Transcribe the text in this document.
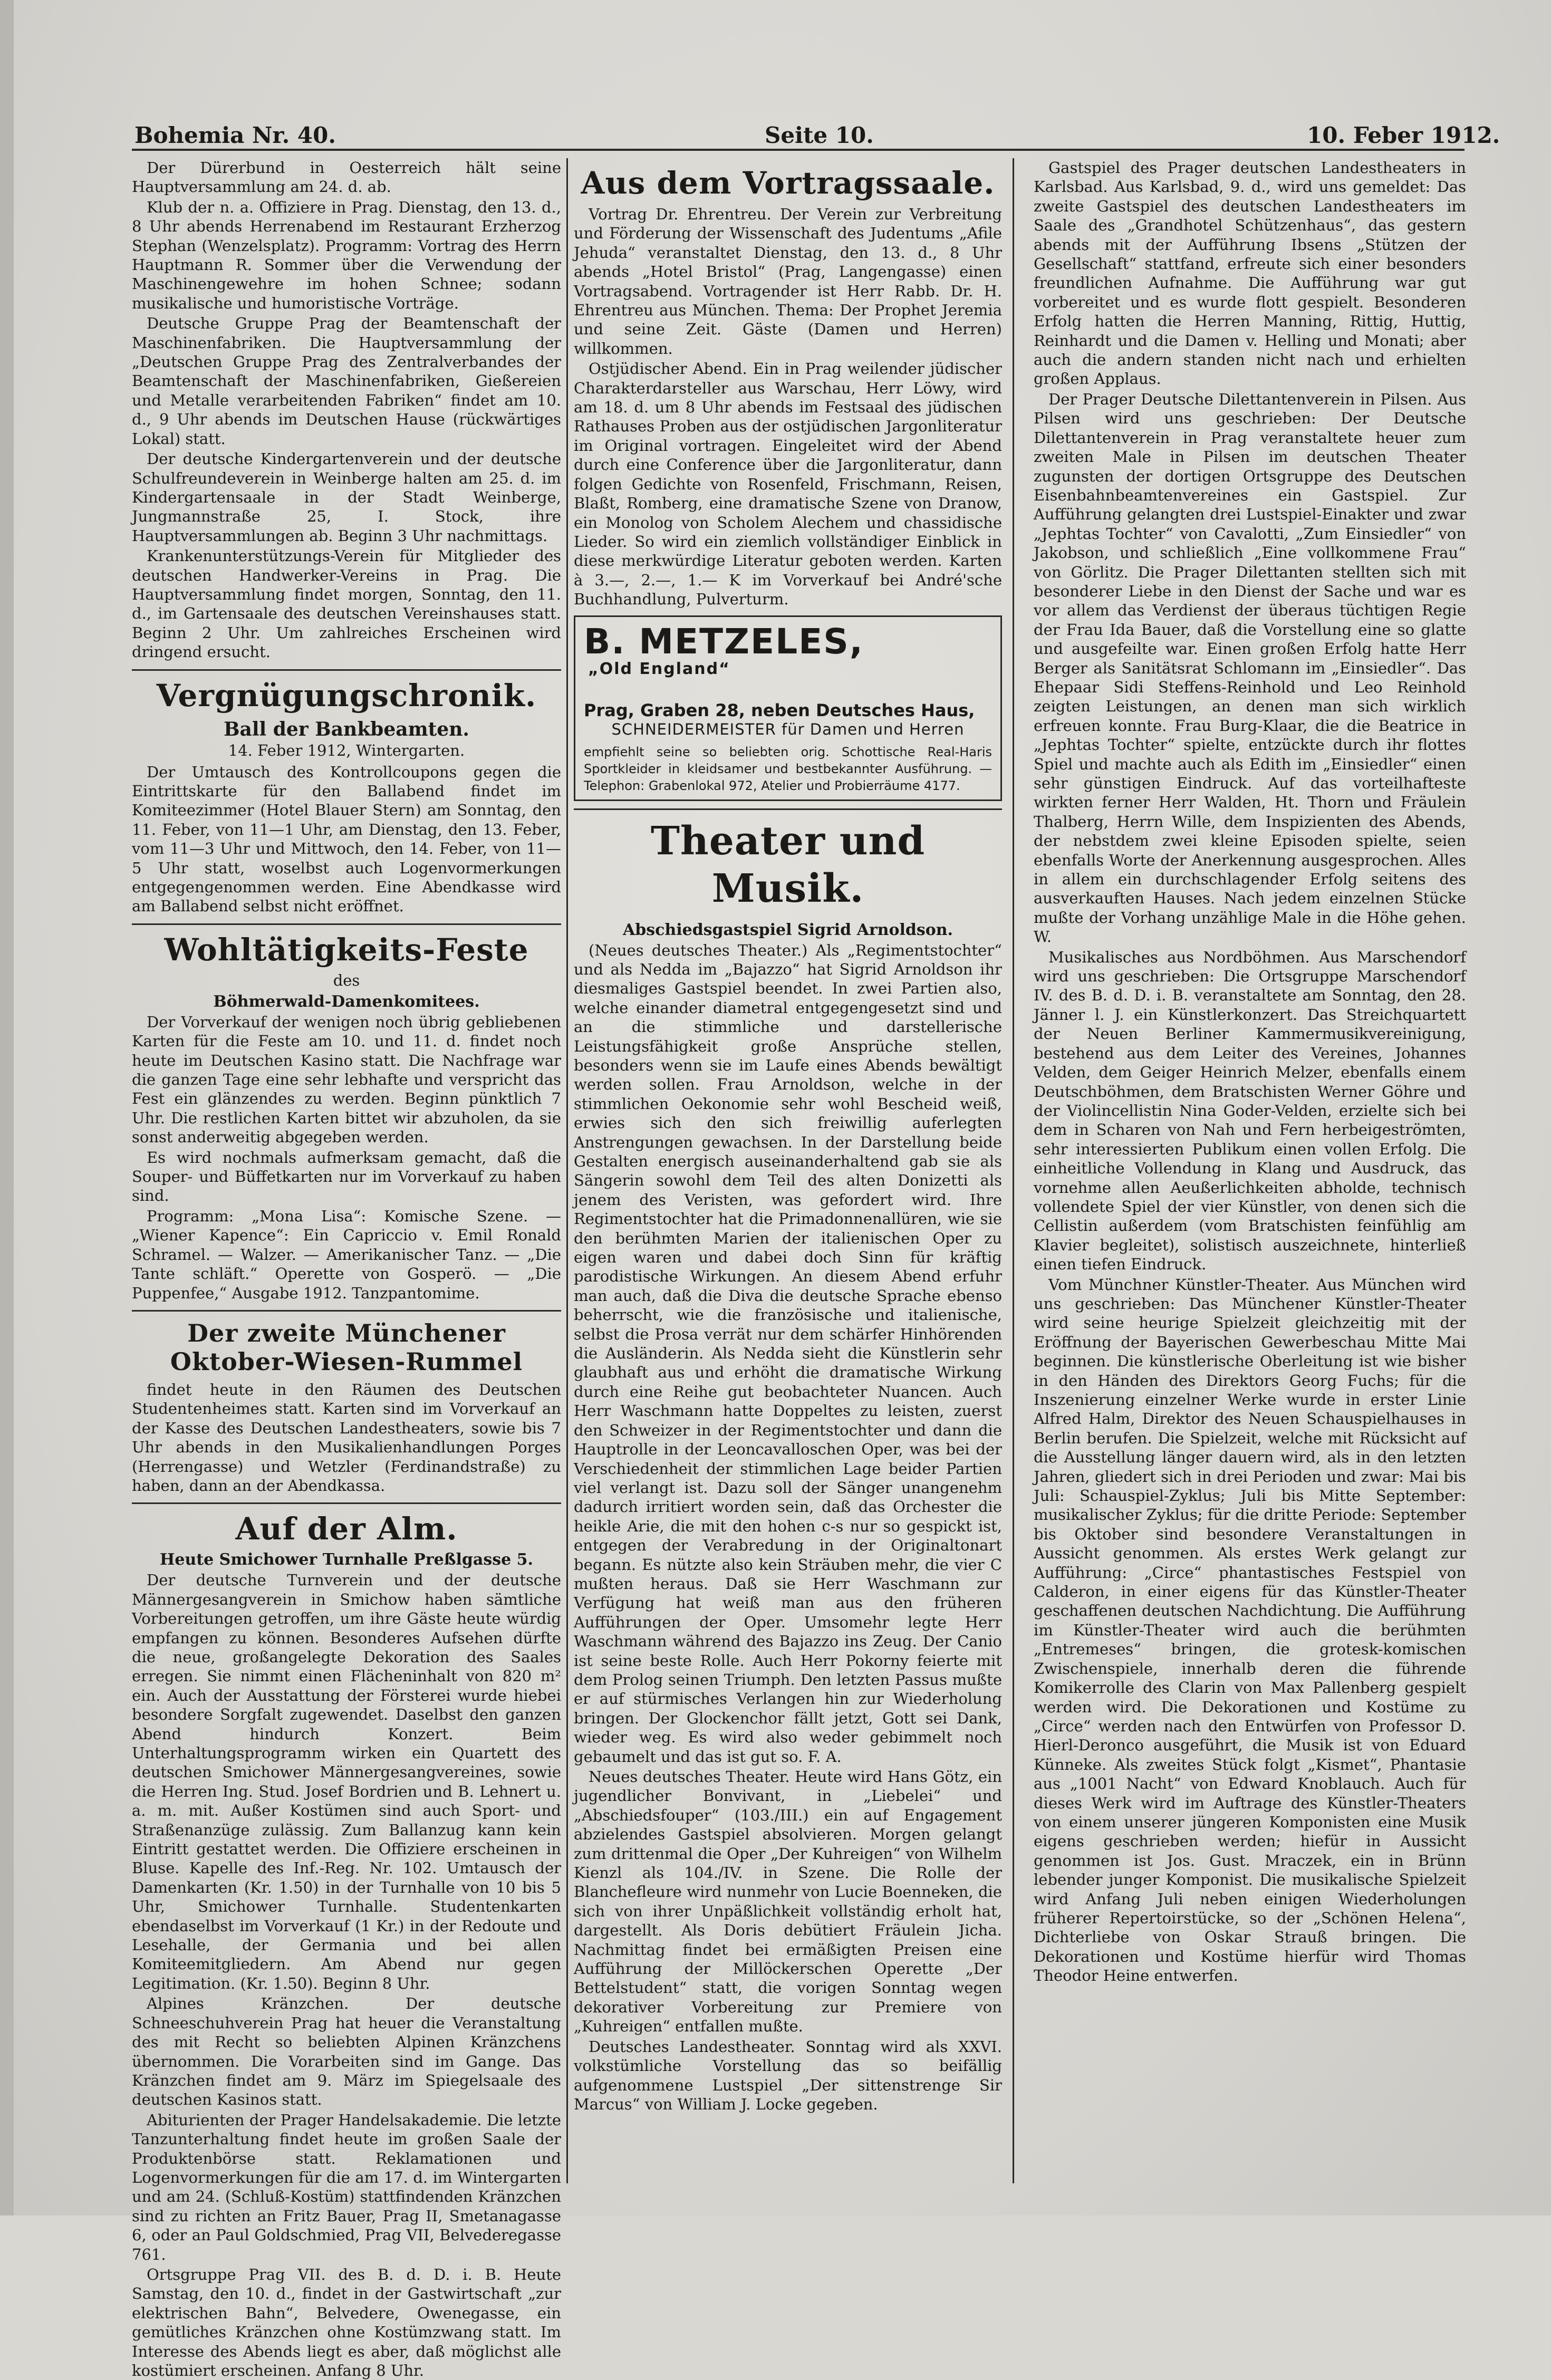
Bohemia Nr. 40.	Seite 10.	10. Feber 1912.

Der Dürerbund in Oesterreich hält seine Hauptversammlung am 24. d. ab.

Klub der n. a. Offiziere in Prag. Dienstag, den 13. d., 8 Uhr abends Herrenabend im Restaurant Erzherzog Stephan (Wenzelsplatz). Programm: Vortrag des Herrn Hauptmann R. Sommer über die Verwendung der Maschinengewehre im hohen Schnee; sodann musikalische und humoristische Vorträge.

Deutsche Gruppe Prag der Beamtenschaft der Maschinenfabriken. Die Hauptversammlung der „Deutschen Gruppe Prag des Zentralverbandes der Beamtenschaft der Maschinenfabriken, Gießereien und Metalle verarbeitenden Fabriken“ findet am 10. d., 9 Uhr abends im Deutschen Hause (rückwärtiges Lokal) statt.

Der deutsche Kindergartenverein und der deutsche Schulfreundeverein in Weinberge halten am 25. d. im Kindergartensaale in der Stadt Weinberge, Jungmannstraße 25, I. Stock, ihre Hauptversammlungen ab. Beginn 3 Uhr nachmittags.

Krankenunterstützungs-Verein für Mitglieder des deutschen Handwerker-Vereins in Prag. Die Hauptversammlung findet morgen, Sonntag, den 11. d., im Gartensaale des deutschen Vereinshauses statt. Beginn 2 Uhr. Um zahlreiches Erscheinen wird dringend ersucht.

Vergnügungschronik.
Ball der Bankbeamten.
14. Feber 1912, Wintergarten.

Der Umtausch des Kontrollcoupons gegen die Eintrittskarte für den Ballabend findet im Komiteezimmer (Hotel Blauer Stern) am Sonntag, den 11. Feber, von 11—1 Uhr, am Dienstag, den 13. Feber, vom 11—3 Uhr und Mittwoch, den 14. Feber, von 11—5 Uhr statt, woselbst auch Logenvormerkungen entgegengenommen werden. Eine Abendkasse wird am Ballabend selbst nicht eröffnet.

Wohltätigkeits-Feste
des
Böhmerwald-Damenkomitees.

Der Vorverkauf der wenigen noch übrig gebliebenen Karten für die Feste am 10. und 11. d. findet noch heute im Deutschen Kasino statt. Die Nachfrage war die ganzen Tage eine sehr lebhafte und verspricht das Fest ein glänzendes zu werden. Beginn pünktlich 7 Uhr. Die restlichen Karten bittet wir abzuholen, da sie sonst anderweitig abgegeben werden.

Es wird nochmals aufmerksam gemacht, daß die Souper- und Büffetkarten nur im Vorverkauf zu haben sind.

Programm: „Mona Lisa“: Komische Szene. — „Wiener Kapence“: Ein Capriccio v. Emil Ronald Schramel. — Walzer. — Amerikanischer Tanz. — „Die Tante schläft.“ Operette von Gosperö. — „Die Puppenfee,“ Ausgabe 1912. Tanzpantomime.

Der zweite Münchener Oktober-Wiesen-Rummel

findet heute in den Räumen des Deutschen Studentenheimes statt. Karten sind im Vorverkauf an der Kasse des Deutschen Landestheaters, sowie bis 7 Uhr abends in den Musikalienhandlungen Porges (Herrengasse) und Wetzler (Ferdinandstraße) zu haben, dann an der Abendkassa.

Auf der Alm.
Heute Smichower Turnhalle Preßlgasse 5.

Der deutsche Turnverein und der deutsche Männergesangverein in Smichow haben sämtliche Vorbereitungen getroffen, um ihre Gäste heute würdig empfangen zu können. Besonderes Aufsehen dürfte die neue, großangelegte Dekoration des Saales erregen. Sie nimmt einen Flächeninhalt von 820 m² ein. Auch der Ausstattung der Försterei wurde hiebei besondere Sorgfalt zugewendet. Daselbst den ganzen Abend hindurch Konzert. Beim Unterhaltungsprogramm wirken ein Quartett des deutschen Smichower Männergesangvereines, sowie die Herren Ing. Stud. Josef Bordrien und B. Lehnert u. a. m. mit. Außer Kostümen sind auch Sport- und Straßenanzüge zulässig. Zum Ballanzug kann kein Eintritt gestattet werden. Die Offiziere erscheinen in Bluse. Kapelle des Inf.-Reg. Nr. 102. Umtausch der Damenkarten (Kr. 1.50) in der Turnhalle von 10 bis 5 Uhr, Smichower Turnhalle. Studentenkarten ebendaselbst im Vorverkauf (1 Kr.) in der Redoute und Lesehalle, der Germania und bei allen Komiteemitgliedern. Am Abend nur gegen Legitimation. (Kr. 1.50). Beginn 8 Uhr.

Alpines Kränzchen. Der deutsche Schneeschuhverein Prag hat heuer die Veranstaltung des mit Recht so beliebten Alpinen Kränzchens übernommen. Die Vorarbeiten sind im Gange. Das Kränzchen findet am 9. März im Spiegelsaale des deutschen Kasinos statt.

Abiturienten der Prager Handelsakademie. Die letzte Tanzunterhaltung findet heute im großen Saale der Produktenbörse statt. Reklamationen und Logenvormerkungen für die am 17. d. im Wintergarten und am 24. (Schluß-Kostüm) stattfindenden Kränzchen sind zu richten an Fritz Bauer, Prag II, Smetanagasse 6, oder an Paul Goldschmied, Prag VII, Belvederegasse 761.

Ortsgruppe Prag VII. des B. d. D. i. B. Heute Samstag, den 10. d., findet in der Gastwirtschaft „zur elektrischen Bahn“, Belvedere, Owenegasse, ein gemütliches Kränzchen ohne Kostümzwang statt. Im Interesse des Abends liegt es aber, daß möglichst alle kostümiert erscheinen. Anfang 8 Uhr.

Aus dem Vortragssaale.

Vortrag Dr. Ehrentreu. Der Verein zur Verbreitung und Förderung der Wissenschaft des Judentums „Afile Jehuda“ veranstaltet Dienstag, den 13. d., 8 Uhr abends „Hotel Bristol“ (Prag, Langengasse) einen Vortragsabend. Vortragender ist Herr Rabb. Dr. H. Ehrentreu aus München. Thema: Der Prophet Jeremia und seine Zeit. Gäste (Damen und Herren) willkommen.

Ostjüdischer Abend. Ein in Prag weilender jüdischer Charakterdarsteller aus Warschau, Herr Löwy, wird am 18. d. um 8 Uhr abends im Festsaal des jüdischen Rathauses Proben aus der ostjüdischen Jargonliteratur im Original vortragen. Eingeleitet wird der Abend durch eine Conference über die Jargonliteratur, dann folgen Gedichte von Rosenfeld, Frischmann, Reisen, Blaßt, Romberg, eine dramatische Szene von Dranow, ein Monolog von Scholem Alechem und chassidische Lieder. So wird ein ziemlich vollständiger Einblick in diese merkwürdige Literatur geboten werden. Karten à 3.—, 2.—, 1.— K im Vorverkauf bei André'sche Buchhandlung, Pulverturm.

B. METZELES,„Old England“
Prag, Graben 28, neben Deutsches Haus,
SCHNEIDERMEISTER für Damen und Herren
empfiehlt seine so beliebten orig. Schottische Real-Haris Sportkleider in kleidsamer und bestbekannter Ausführung. — Telephon: Grabenlokal 972, Atelier und Probierräume 4177.
Theater und Musik.
Abschiedsgastspiel Sigrid Arnoldson.

(Neues deutsches Theater.) Als „Regimentstochter“ und als Nedda im „Bajazzo“ hat Sigrid Arnoldson ihr diesmaliges Gastspiel beendet. In zwei Partien also, welche einander diametral entgegengesetzt sind und an die stimmliche und darstellerische Leistungsfähigkeit große Ansprüche stellen, besonders wenn sie im Laufe eines Abends bewältigt werden sollen. Frau Arnoldson, welche in der stimmlichen Oekonomie sehr wohl Bescheid weiß, erwies sich den sich freiwillig auferlegten Anstrengungen gewachsen. In der Darstellung beide Gestalten energisch auseinanderhaltend gab sie als Sängerin sowohl dem Teil des alten Donizetti als jenem des Veristen, was gefordert wird. Ihre Regimentstochter hat die Primadonnenallüren, wie sie den berühmten Marien der italienischen Oper zu eigen waren und dabei doch Sinn für kräftig parodistische Wirkungen. An diesem Abend erfuhr man auch, daß die Diva die deutsche Sprache ebenso beherrscht, wie die französische und italienische, selbst die Prosa verrät nur dem schärfer Hinhörenden die Ausländerin. Als Nedda sieht die Künstlerin sehr glaubhaft aus und erhöht die dramatische Wirkung durch eine Reihe gut beobachteter Nuancen. Auch Herr Waschmann hatte Doppeltes zu leisten, zuerst den Schweizer in der Regimentstochter und dann die Hauptrolle in der Leoncavalloschen Oper, was bei der Verschiedenheit der stimmlichen Lage beider Partien viel verlangt ist. Dazu soll der Sänger unangenehm dadurch irritiert worden sein, daß das Orchester die heikle Arie, die mit den hohen c-s nur so gespickt ist, entgegen der Verabredung in der Originaltonart begann. Es nützte also kein Sträuben mehr, die vier C mußten heraus. Daß sie Herr Waschmann zur Verfügung hat weiß man aus den früheren Aufführungen der Oper. Umsomehr legte Herr Waschmann während des Bajazzo ins Zeug. Der Canio ist seine beste Rolle. Auch Herr Pokorny feierte mit dem Prolog seinen Triumph. Den letzten Passus mußte er auf stürmisches Verlangen hin zur Wiederholung bringen. Der Glockenchor fällt jetzt, Gott sei Dank, wieder weg. Es wird also weder gebimmelt noch gebaumelt und das ist gut so. F. A.

Neues deutsches Theater. Heute wird Hans Götz, ein jugendlicher Bonvivant, in „Liebelei“ und „Abschiedsfouper“ (103./III.) ein auf Engagement abzielendes Gastspiel absolvieren. Morgen gelangt zum drittenmal die Oper „Der Kuhreigen“ von Wilhelm Kienzl als 104./IV. in Szene. Die Rolle der Blanchefleure wird nunmehr von Lucie Boenneken, die sich von ihrer Unpäßlichkeit vollständig erholt hat, dargestellt. Als Doris debütiert Fräulein Jicha. Nachmittag findet bei ermäßigten Preisen eine Aufführung der Millöckerschen Operette „Der Bettelstudent“ statt, die vorigen Sonntag wegen dekorativer Vorbereitung zur Premiere von „Kuhreigen“ entfallen mußte.

Deutsches Landestheater. Sonntag wird als XXVI. volkstümliche Vorstellung das so beifällig aufgenommene Lustspiel „Der sittenstrenge Sir Marcus“ von William J. Locke gegeben.

Gastspiel des Prager deutschen Landestheaters in Karlsbad. Aus Karlsbad, 9. d., wird uns gemeldet: Das zweite Gastspiel des deutschen Landestheaters im Saale des „Grandhotel Schützenhaus“, das gestern abends mit der Aufführung Ibsens „Stützen der Gesellschaft“ stattfand, erfreute sich einer besonders freundlichen Aufnahme. Die Aufführung war gut vorbereitet und es wurde flott gespielt. Besonderen Erfolg hatten die Herren Manning, Rittig, Huttig, Reinhardt und die Damen v. Helling und Monati; aber auch die andern standen nicht nach und erhielten großen Applaus.

Der Prager Deutsche Dilettantenverein in Pilsen. Aus Pilsen wird uns geschrieben: Der Deutsche Dilettantenverein in Prag veranstaltete heuer zum zweiten Male in Pilsen im deutschen Theater zugunsten der dortigen Ortsgruppe des Deutschen Eisenbahnbeamtenvereines ein Gastspiel. Zur Aufführung gelangten drei Lustspiel-Einakter und zwar „Jephtas Tochter“ von Cavalotti, „Zum Einsiedler“ von Jakobson, und schließlich „Eine vollkommene Frau“ von Görlitz. Die Prager Dilettanten stellten sich mit besonderer Liebe in den Dienst der Sache und war es vor allem das Verdienst der überaus tüchtigen Regie der Frau Ida Bauer, daß die Vorstellung eine so glatte und ausgefeilte war. Einen großen Erfolg hatte Herr Berger als Sanitätsrat Schlomann im „Einsiedler“. Das Ehepaar Sidi Steffens-Reinhold und Leo Reinhold zeigten Leistungen, an denen man sich wirklich erfreuen konnte. Frau Burg-Klaar, die die Beatrice in „Jephtas Tochter“ spielte, entzückte durch ihr flottes Spiel und machte auch als Edith im „Einsiedler“ einen sehr günstigen Eindruck. Auf das vorteilhafteste wirkten ferner Herr Walden, Ht. Thorn und Fräulein Thalberg, Herrn Wille, dem Inspizienten des Abends, der nebstdem zwei kleine Episoden spielte, seien ebenfalls Worte der Anerkennung ausgesprochen. Alles in allem ein durchschlagender Erfolg seitens des ausverkauften Hauses. Nach jedem einzelnen Stücke mußte der Vorhang unzählige Male in die Höhe gehen. W.

Musikalisches aus Nordböhmen. Aus Marschendorf wird uns geschrieben: Die Ortsgruppe Marschendorf IV. des B. d. D. i. B. veranstaltete am Sonntag, den 28. Jänner l. J. ein Künstlerkonzert. Das Streichquartett der Neuen Berliner Kammermusikvereinigung, bestehend aus dem Leiter des Vereines, Johannes Velden, dem Geiger Heinrich Melzer, ebenfalls einem Deutschböhmen, dem Bratschisten Werner Göhre und der Violincellistin Nina Goder-Velden, erzielte sich bei dem in Scharen von Nah und Fern herbeigeströmten, sehr interessierten Publikum einen vollen Erfolg. Die einheitliche Vollendung in Klang und Ausdruck, das vornehme allen Aeußerlichkeiten abholde, technisch vollendete Spiel der vier Künstler, von denen sich die Cellistin außerdem (vom Bratschisten feinfühlig am Klavier begleitet), solistisch auszeichnete, hinterließ einen tiefen Eindruck.

Vom Münchner Künstler-Theater. Aus München wird uns geschrieben: Das Münchener Künstler-Theater wird seine heurige Spielzeit gleichzeitig mit der Eröffnung der Bayerischen Gewerbeschau Mitte Mai beginnen. Die künstlerische Oberleitung ist wie bisher in den Händen des Direktors Georg Fuchs; für die Inszenierung einzelner Werke wurde in erster Linie Alfred Halm, Direktor des Neuen Schauspielhauses in Berlin berufen. Die Spielzeit, welche mit Rücksicht auf die Ausstellung länger dauern wird, als in den letzten Jahren, gliedert sich in drei Perioden und zwar: Mai bis Juli: Schauspiel-Zyklus; Juli bis Mitte September: musikalischer Zyklus; für die dritte Periode: September bis Oktober sind besondere Veranstaltungen in Aussicht genommen. Als erstes Werk gelangt zur Aufführung: „Circe“ phantastisches Festspiel von Calderon, in einer eigens für das Künstler-Theater geschaffenen deutschen Nachdichtung. Die Aufführung im Künstler-Theater wird auch die berühmten „Entremeses“ bringen, die grotesk-komischen Zwischenspiele, innerhalb deren die führende Komikerrolle des Clarin von Max Pallenberg gespielt werden wird. Die Dekorationen und Kostüme zu „Circe“ werden nach den Entwürfen von Professor D. Hierl-Deronco ausgeführt, die Musik ist von Eduard Künneke. Als zweites Stück folgt „Kismet“, Phantasie aus „1001 Nacht“ von Edward Knoblauch. Auch für dieses Werk wird im Auftrage des Künstler-Theaters von einem unserer jüngeren Komponisten eine Musik eigens geschrieben werden; hiefür in Aussicht genommen ist Jos. Gust. Mraczek, ein in Brünn lebender junger Komponist. Die musikalische Spielzeit wird Anfang Juli neben einigen Wiederholungen früherer Repertoirstücke, so der „Schönen Helena“, Dichterliebe von Oskar Strauß bringen. Die Dekorationen und Kostüme hierfür wird Thomas Theodor Heine entwerfen.
